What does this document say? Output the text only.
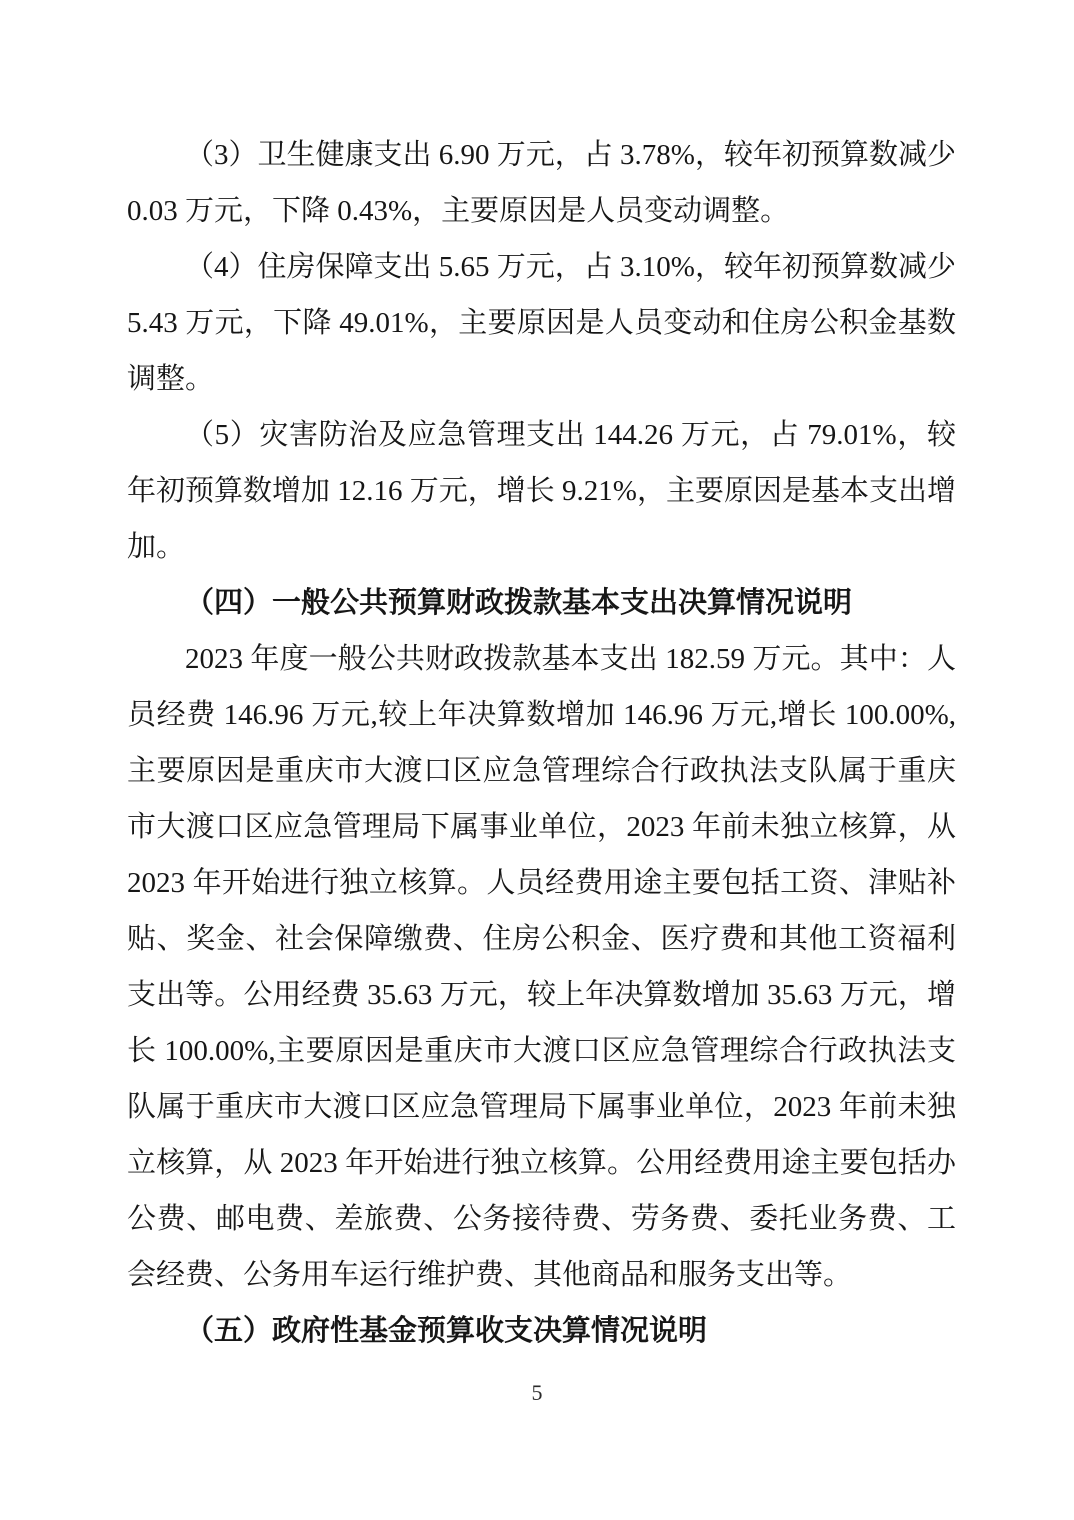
（3）卫生健康支出 6.90 万元，占 3.78%，较年初预算数减少
0.03 万元，下降 0.43%，主要原因是人员变动调整。

（4）住房保障支出 5.65 万元，占 3.10%，较年初预算数减少
5.43 万元，下降 49.01%，主要原因是人员变动和住房公积金基数
调整。

（5）灾害防治及应急管理支出 144.26 万元，占 79.01%，较
年初预算数增加 12.16 万元，增长 9.21%，主要原因是基本支出增
加。

（四）一般公共预算财政拨款基本支出决算情况说明

2023 年度一般公共财政拨款基本支出 182.59 万元。其中：人
员经费 146.96 万元,较上年决算数增加 146.96 万元,增长 100.00%,
主要原因是重庆市大渡口区应急管理综合行政执法支队属于重庆
市大渡口区应急管理局下属事业单位，2023 年前未独立核算，从
2023 年开始进行独立核算。人员经费用途主要包括工资、津贴补
贴、奖金、社会保障缴费、住房公积金、医疗费和其他工资福利
支出等。公用经费 35.63 万元，较上年决算数增加 35.63 万元，增
长 100.00%,主要原因是重庆市大渡口区应急管理综合行政执法支
队属于重庆市大渡口区应急管理局下属事业单位，2023 年前未独
立核算，从 2023 年开始进行独立核算。公用经费用途主要包括办
公费、邮电费、差旅费、公务接待费、劳务费、委托业务费、工
会经费、公务用车运行维护费、其他商品和服务支出等。

（五）政府性基金预算收支决算情况说明

5
